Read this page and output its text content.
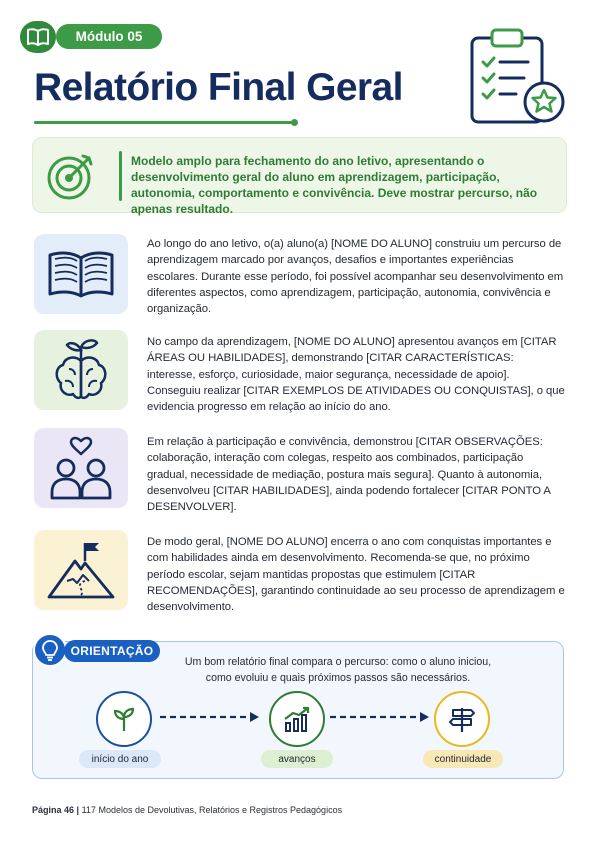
Módulo 05
Relatório Final Geral

Modelo amplo para fechamento do ano letivo, apresentando o desenvolvimento geral do aluno em aprendizagem, participação, autonomia, comportamento e convivência. Deve mostrar percurso, não apenas resultado.

Ao longo do ano letivo, o(a) aluno(a) [NOME DO ALUNO] construiu um percurso de aprendizagem marcado por avanços, desafios e importantes experiências escolares. Durante esse período, foi possível acompanhar seu desenvolvimento em diferentes aspectos, como aprendizagem, participação, autonomia, convivência e organização.
No campo da aprendizagem, [NOME DO ALUNO] apresentou avanços em [CITAR ÁREAS OU HABILIDADES], demonstrando [CITAR CARACTERÍSTICAS: interesse, esforço, curiosidade, maior segurança, necessidade de apoio]. Conseguiu realizar [CITAR EXEMPLOS DE ATIVIDADES OU CONQUISTAS], o que evidencia progresso em relação ao início do ano.
Em relação à participação e convivência, demonstrou [CITAR OBSERVAÇÕES: colaboração, interação com colegas, respeito aos combinados, participação gradual, necessidade de mediação, postura mais segura]. Quanto à autonomia, desenvolveu [CITAR HABILIDADES], ainda podendo fortalecer [CITAR PONTO A DESENVOLVER].
De modo geral, [NOME DO ALUNO] encerra o ano com conquistas importantes e com habilidades ainda em desenvolvimento. Recomenda-se que, no próximo período escolar, sejam mantidas propostas que estimulem [CITAR RECOMENDAÇÕES], garantindo continuidade ao seu processo de aprendizagem e desenvolvimento.
ORIENTAÇÃO
Um bom relatório final compara o percurso: como o aluno iniciou, como evoluiu e quais próximos passos são necessários.
início do ano	avanços	continuidade
Página 46 | 117 Modelos de Devolutivas, Relatórios e Registros Pedagógicos
